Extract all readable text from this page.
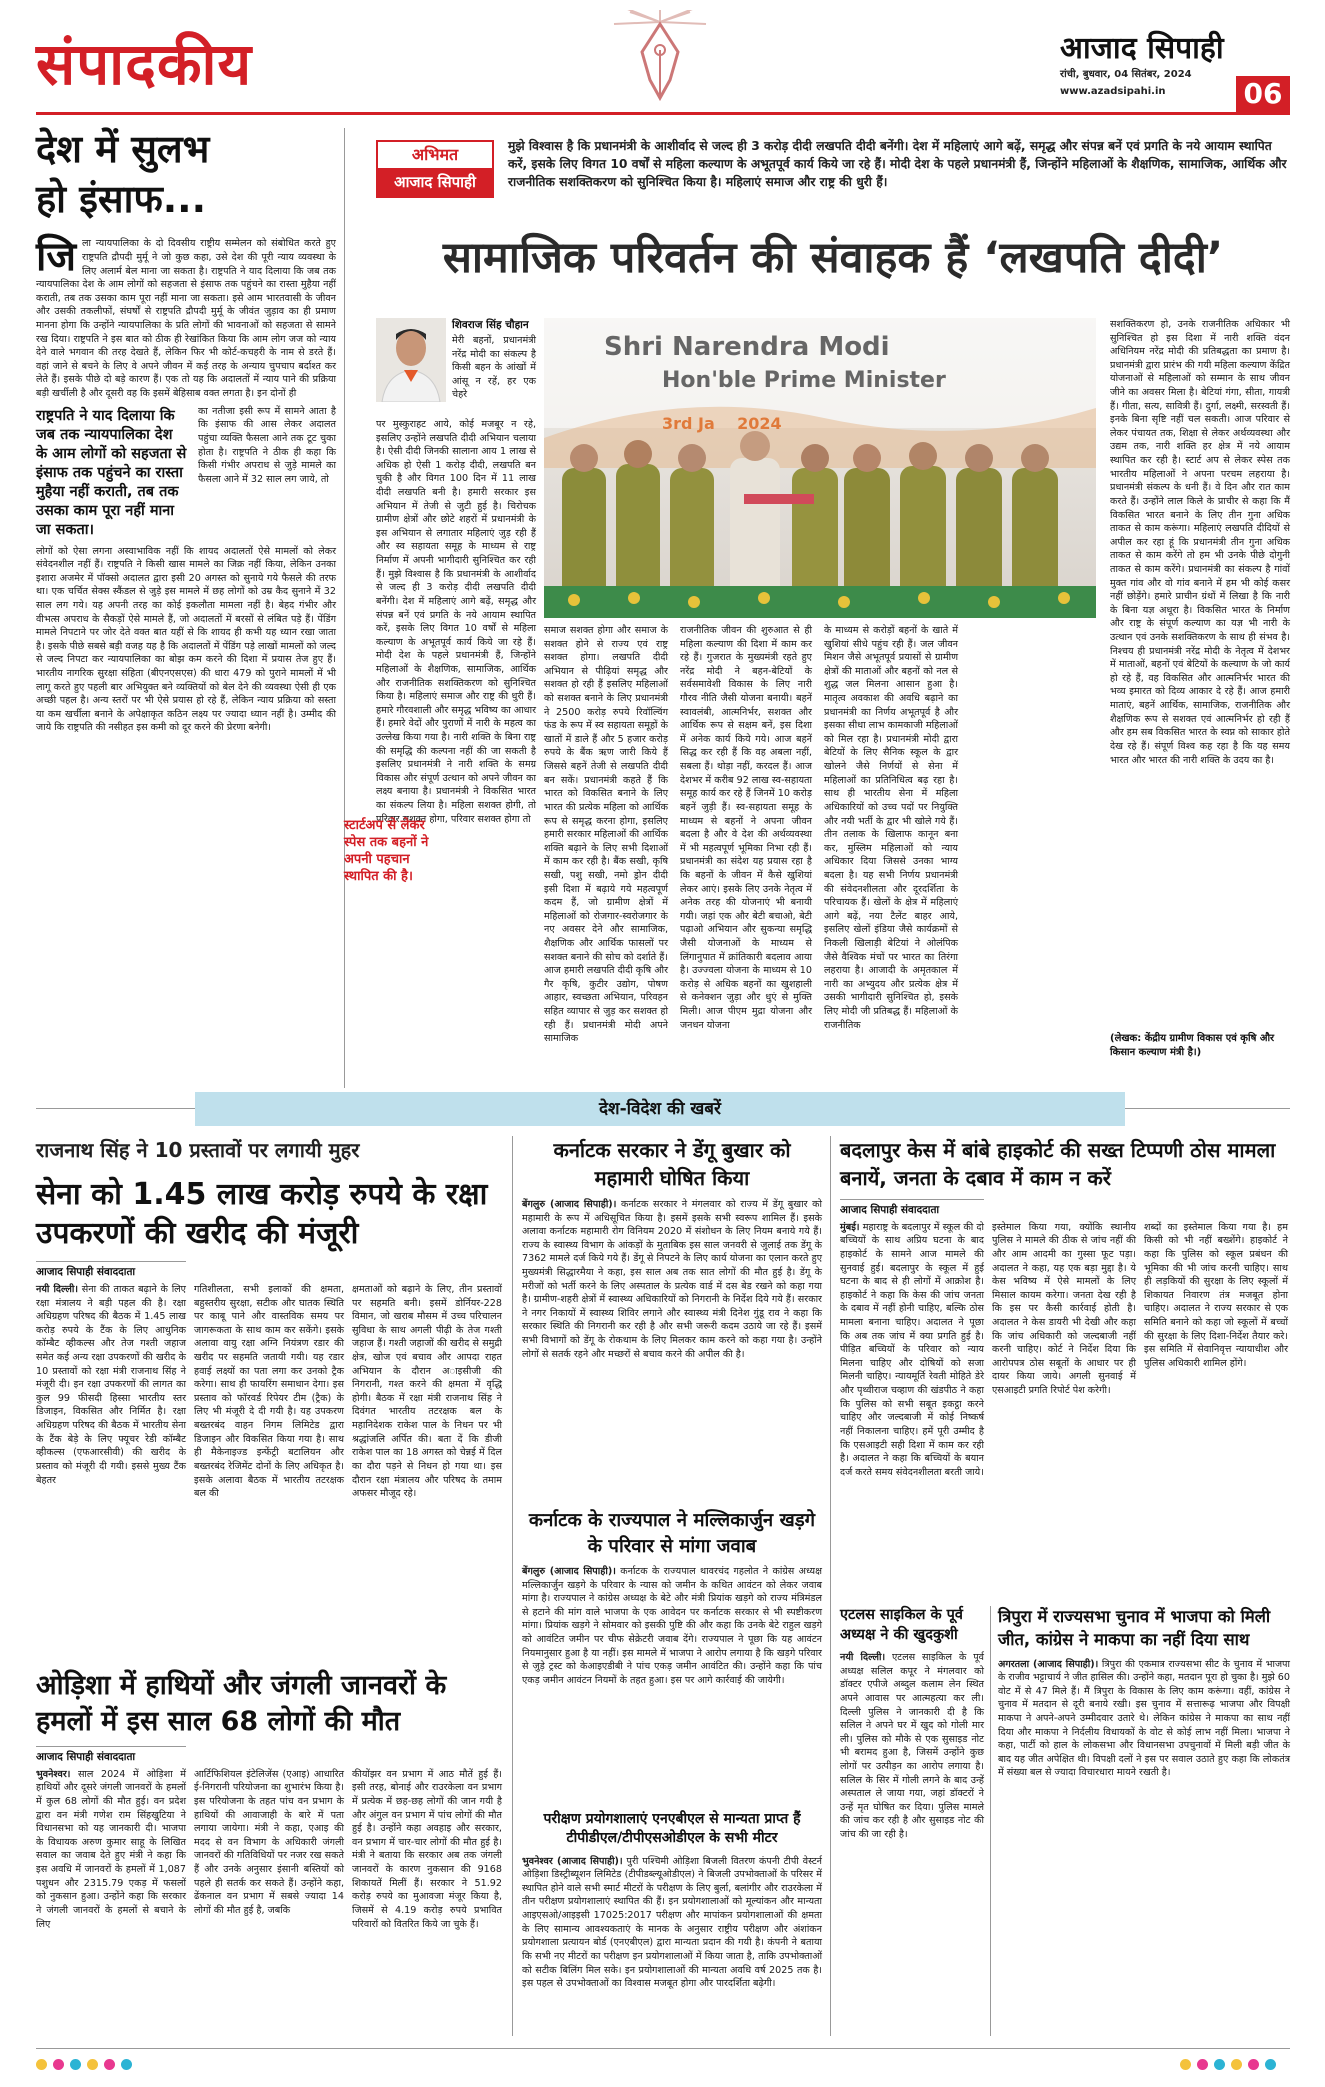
संपादकीय	आजाद सिपाही
रांची, बुधवार, 04 सितंबर, 2024
www.azadsipahi.in	06
देश में सुलभ
हो इंसाफ...
जि ला न्यायपालिका के दो दिवसीय राष्ट्रीय सम्मेलन को संबोधित करते हुए राष्ट्रपति द्रौपदी मुर्मू ने जो कुछ कहा, उसे देश की पूरी न्याय व्यवस्था के लिए अलार्म बेल माना जा सकता है। राष्ट्रपति ने याद दिलाया कि जब तक न्यायपालिका देश के आम लोगों को सहजता से इंसाफ तक पहुंचने का रास्ता मुहैया नहीं कराती, तब तक उसका काम पूरा नहीं माना जा सकता। इसे आम भारतवासी के जीवन और उसकी तकलीफों, संघर्षों से राष्ट्रपति द्रौपदी मुर्मू के जीवंत जुड़ाव का ही प्रमाण मानना होगा कि उन्होंने न्यायपालिका के प्रति लोगों की भावनाओं को सहजता से सामने रख दिया। राष्ट्रपति ने इस बात को ठीक ही रेखांकित किया कि आम लोग जज को न्याय देने वाले भगवान की तरह देखते हैं, लेकिन फिर भी कोर्ट-कचहरी के नाम से डरते हैं। वहां जाने से बचने के लिए वे अपने जीवन में कई तरह के अन्याय चुपचाप बर्दाश्त कर लेते हैं। इसके पीछे दो बड़े कारण हैं। एक तो यह कि अदालतों में न्याय पाने की प्रक्रिया बड़ी खर्चीली है और दूसरी वह कि इसमें बेहिसाब वक्त लगता है। इन दोनों ही

राष्ट्रपति ने याद दिलाया कि जब तक न्यायपालिका देश के आम लोगों को सहजता से इंसाफ तक पहुंचने का रास्ता मुहैया नहीं कराती, तब तक उसका काम पूरा नहीं माना जा सकता।

का नतीजा इसी रूप में सामने आता है कि इंसाफ की आस लेकर अदालत पहुंचा व्यक्ति फैसला आने तक टूट चुका होता है। राष्ट्रपति ने ठीक ही कहा कि किसी गंभीर अपराध से जुड़े मामले का फैसला आने में 32 साल लग जाये, तो

लोगों को ऐसा लगना अस्वाभाविक नहीं कि शायद अदालतों ऐसे मामलों को लेकर संवेदनशील नहीं हैं। राष्ट्रपति ने किसी खास मामले का जिक्र नहीं किया, लेकिन उनका इशारा अजमेर में पॉक्सो अदालत द्वारा इसी 20 अगस्त को सुनाये गये फैसले की तरफ था। एक चर्चित सेक्स स्कैंडल से जुड़े इस मामले में छह लोगों को उम्र कैद सुनाने में 32 साल लग गये। यह अपनी तरह का कोई इकलौता मामला नहीं है। बेहद गंभीर और वीभत्स अपराध के सैकड़ों ऐसे मामले हैं, जो अदालतों में बरसों से लंबित पड़े हैं। पेंडिंग मामले निपटाने पर जोर देते वक्त बात यहीं से कि शायद ही कभी यह ध्यान रखा जाता है। इसके पीछे सबसे बड़ी वजह यह है कि अदालतों में पेंडिंग पड़े लाखों मामलों को जल्द से जल्द निपटा कर न्यायपालिका का बोझ कम करने की दिशा में प्रयास तेज हुए हैं। भारतीय नागरिक सुरक्षा संहिता (बीएनएसएस) की धारा 479 को पुराने मामलों में भी लागू करते हुए पहली बार अभियुक्त बने व्यक्तियों को बेल देने की व्यवस्था ऐसी ही एक अच्छी पहल है। अन्य स्तरों पर भी ऐसे प्रयास हो रहे हैं, लेकिन न्याय प्रक्रिया को सस्ता या कम खर्चीला बनाने के अपेक्षाकृत कठिन लक्ष्य पर ज्यादा ध्यान नहीं है। उम्मीद की जाये कि राष्ट्रपति की नसीहत इस कमी को दूर करने की प्रेरणा बनेगी।

अभिमत
आजाद सिपाही
मुझे विश्वास है कि प्रधानमंत्री के आशीर्वाद से जल्द ही 3 करोड़ दीदी लखपति दीदी बनेंगी। देश में महिलाएं आगे बढ़ें, समृद्ध और संपन्न बनें एवं प्रगति के नये आयाम स्थापित करें, इसके लिए विगत 10 वर्षों से महिला कल्याण के अभूतपूर्व कार्य किये जा रहे हैं। मोदी देश के पहले प्रधानमंत्री हैं, जिन्होंने महिलाओं के शैक्षणिक, सामाजिक, आर्थिक और राजनीतिक सशक्तिकरण को सुनिश्चित किया है। महिलाएं समाज और राष्ट्र की धुरी हैं।
सामाजिक परिवर्तन की संवाहक हैं ‘लखपति दीदी’
शिवराज सिंह चौहान

मेरी बहनों, प्रधानमंत्री नरेंद्र मोदी का संकल्प है किसी बहन के आंखों में आंसू न रहें, हर एक चेहरे

पर मुस्कुराहट आये, कोई मजबूर न रहे, इसलिए उन्होंने लखपति दीदी अभियान चलाया है। ऐसी दीदी जिनकी सालाना आय 1 लाख से अधिक हो ऐसी 1 करोड़ दीदी, लखपति बन चुकी है और विगत 100 दिन में 11 लाख दीदी लखपति बनी है। हमारी सरकार इस अभियान में तेजी से जुटी हुई है। चिरोचक ग्रामीण क्षेत्रों और छोटे शहरों में प्रधानमंत्री के इस अभियान से लगातार महिलाएं जुड़ रही हैं और स्व सहायता समूह के माध्यम से राष्ट्र निर्माण में अपनी भागीदारी सुनिश्चित कर रही हैं। मुझे विश्वास है कि प्रधानमंत्री के आशीर्वाद से जल्द ही 3 करोड़ दीदी लखपति दीदी बनेंगी। देश में महिलाएं आगे बढ़ें, समृद्ध और संपन्न बनें एवं प्रगति के नये आयाम स्थापित करें, इसके लिए विगत 10 वर्षों से महिला कल्याण के अभूतपूर्व कार्य किये जा रहे हैं। मोदी देश के पहले प्रधानमंत्री हैं, जिन्होंने महिलाओं के शैक्षणिक, सामाजिक, आर्थिक और राजनीतिक सशक्तिकरण को सुनिश्चित किया है। महिलाएं समाज और राष्ट्र की धुरी हैं। हमारे गौरवशाली और समृद्ध भविष्य का आधार हैं। हमारे वेदों और पुराणों में नारी के महत्व का उल्लेख किया गया है। नारी शक्ति के बिना राष्ट्र की समृद्धि की कल्पना नहीं की जा सकती है इसलिए प्रधानमंत्री ने नारी शक्ति के समग्र विकास और संपूर्ण उत्थान को अपने जीवन का लक्ष्य बनाया है। प्रधानमंत्री ने विकसित भारत का संकल्प लिया है। महिला सशक्त होगी, तो परिवार सशक्त होगा, परिवार सशक्त होगा तो

स्टार्टअप से लेकर स्पेस तक बहनों ने अपनी पहचान स्थापित की है।
Shri Narendra Modi
Hon'ble Prime Minister
3rd Ja    2024

समाज सशक्त होगा और समाज के सशक्त होने से राज्य एवं राष्ट्र सशक्त होगा। लखपति दीदी अभियान से पीढ़ियां समृद्ध और सशक्त हो रही हैं इसलिए महिलाओं को सशक्त बनाने के लिए प्रधानमंत्री ने 2500 करोड़ रुपये रिवॉल्विंग फंड के रूप में स्व सहायता समूहों के खातों में डाले हैं और 5 हजार करोड़ रुपये के बैंक ऋण जारी किये हैं जिससे बहनें तेजी से लखपति दीदी बन सकें। प्रधानमंत्री कहते हैं कि भारत को विकसित बनाने के लिए भारत की प्रत्येक महिला को आर्थिक रूप से समृद्ध करना होगा, इसलिए हमारी सरकार महिलाओं की आर्थिक शक्ति बढ़ाने के लिए सभी दिशाओं में काम कर रही है। बैंक सखी, कृषि सखी, पशु सखी, नमो ड्रोन दीदी इसी दिशा में बढ़ाये गये महत्वपूर्ण कदम हैं, जो ग्रामीण क्षेत्रों में महिलाओं को रोजगार-स्वरोजगार के नए अवसर देने और सामाजिक, शैक्षणिक और आर्थिक फासलों पर सशक्त बनाने की सोच को दर्शाते हैं। आज हमारी लखपति दीदी कृषि और गैर कृषि, कुटीर उद्योग, पोषण आहार, स्वच्छता अभियान, परिवहन सहित व्यापार से जुड़ कर सशक्त हो रही हैं। प्रधानमंत्री मोदी अपने सामाजिक

राजनीतिक जीवन की शुरुआत से ही महिला कल्याण की दिशा में काम कर रहे हैं। गुजरात के मुख्यमंत्री रहते हुए नरेंद्र मोदी ने बहन-बेटियों के सर्वसमावेशी विकास के लिए नारी गौरव नीति जैसी योजना बनायी। बहनें स्वावलंबी, आत्मनिर्भर, सशक्त और आर्थिक रूप से सक्षम बनें, इस दिशा में अनेक कार्य किये गये। आज बहनें सिद्ध कर रही हैं कि वह अबला नहीं, सबला हैं। थोड़ा नहीं, करदल हैं। आज देशभर में करीब 92 लाख स्व-सहायता समूह कार्य कर रहे हैं जिनमें 10 करोड़ बहनें जुड़ी हैं। स्व-सहायता समूह के माध्यम से बहनों ने अपना जीवन बदला है और वे देश की अर्थव्यवस्था में भी महत्वपूर्ण भूमिका निभा रही हैं। प्रधानमंत्री का संदेश यह प्रयास रहा है कि बहनों के जीवन में कैसे खुशियां लेकर आएं। इसके लिए उनके नेतृत्व में अनेक तरह की योजनाएं भी बनायी गयी। जहां एक और बेटी बचाओ, बेटी पढ़ाओ अभियान और सुकन्या समृद्धि जैसी योजनाओं के माध्यम से लिंगानुपात में क्रांतिकारी बदलाव आया है। उज्ज्वला योजना के माध्यम से 10 करोड़ से अधिक बहनों का खुशहाली से कनेक्शन जुड़ा और धुएं से मुक्ति मिली। आज पीएम मुद्रा योजना और जनधन योजना

के माध्यम से करोड़ों बहनों के खाते में खुशियां सीधे पहुंच रही हैं। जल जीवन मिशन जैसे अभूतपूर्व प्रयासों से ग्रामीण क्षेत्रों की माताओं और बहनों को नल से शुद्ध जल मिलना आसान हुआ है। मातृत्व अवकाश की अवधि बढ़ाने का प्रधानमंत्री का निर्णय अभूतपूर्व है और इसका सीधा लाभ कामकाजी महिलाओं को मिल रहा है। प्रधानमंत्री मोदी द्वारा बेटियों के लिए सैनिक स्कूल के द्वार खोलने जैसे निर्णयों से सेना में महिलाओं का प्रतिनिधित्व बढ़ रहा है। साथ ही भारतीय सेना में महिला अधिकारियों को उच्च पदों पर नियुक्ति और नयी भर्ती के द्वार भी खोले गये हैं। तीन तलाक के खिलाफ कानून बना कर, मुस्लिम महिलाओं को न्याय अधिकार दिया जिससे उनका भाग्य बदला है। यह सभी निर्णय प्रधानमंत्री की संवेदनशीलता और दूरदर्शिता के परिचायक हैं। खेलों के क्षेत्र में महिलाएं आगे बढ़ें, नया टैलेंट बाहर आये, इसलिए खेलों इंडिया जैसे कार्यक्रमों से निकली खिलाड़ी बेटियां ने ओलंपिक जैसे वैश्विक मंचों पर भारत का तिरंगा लहराया है। आजादी के अमृतकाल में नारी का अभ्युदय और प्रत्येक क्षेत्र में उसकी भागीदारी सुनिश्चित हो, इसके लिए मोदी जी प्रतिबद्ध हैं। महिलाओं के राजनीतिक

सशक्तिकरण हो, उनके राजनीतिक अधिकार भी सुनिश्चित हो इस दिशा में नारी शक्ति वंदन अधिनियम नरेंद्र मोदी की प्रतिबद्धता का प्रमाण है। प्रधानमंत्री द्वारा प्रारंभ की गयी महिला कल्याण केंद्रित योजनाओं से महिलाओं को सम्मान के साथ जीवन जीने का अवसर मिला है। बेटियां गंगा, सीता, गायत्री हैं। गीता, सत्य, सावित्री हैं। दुर्गा, लक्ष्मी, सरस्वती हैं। इनके बिना सृष्टि नहीं चल सकती। आज परिवार से लेकर पंचायत तक, शिक्षा से लेकर अर्थव्यवस्था और उद्यम तक, नारी शक्ति हर क्षेत्र में नये आयाम स्थापित कर रही है। स्टार्ट अप से लेकर स्पेस तक भारतीय महिलाओं ने अपना परचम लहराया है। प्रधानमंत्री संकल्प के धनी हैं। वे दिन और रात काम करते हैं। उन्होंने लाल किले के प्राचीर से कहा कि मैं विकसित भारत बनाने के लिए तीन गुना अधिक ताकत से काम करूंगा। महिलाएं लखपति दीदियों से अपील कर रहा हूं कि प्रधानमंत्री तीन गुना अधिक ताकत से काम करेंगे तो हम भी उनके पीछे दोगुनी ताकत से काम करेंगे। प्रधानमंत्री का संकल्प है गांवों मुक्त गांव और वो गांव बनाने में हम भी कोई कसर नहीं छोड़ेंगे। हमारे प्राचीन ग्रंथों में लिखा है कि नारी के बिना यज्ञ अधूरा है। विकसित भारत के निर्माण और राष्ट्र के संपूर्ण कल्याण का यज्ञ भी नारी के उत्थान एवं उनके सशक्तिकरण के साथ ही संभव है। निश्चय ही प्रधानमंत्री नरेंद्र मोदी के नेतृत्व में देशभर में माताओं, बहनों एवं बेटियों के कल्याण के जो कार्य हो रहे हैं, वह विकसित और आत्मनिर्भर भारत की भव्य इमारत को दिव्य आकार दे रहे हैं। आज हमारी माताएं, बहनें आर्थिक, सामाजिक, राजनीतिक और शैक्षणिक रूप से सशक्त एवं आत्मनिर्भर हो रही हैं और हम सब विकसित भारत के स्वप्न को साकार होते देख रहे हैं। संपूर्ण विश्व कह रहा है कि यह समय भारत और भारत की नारी शक्ति के उदय का है।

(लेखक: केंद्रीय ग्रामीण विकास एवं कृषि और किसान कल्याण मंत्री है।)
देश-विदेश की खबरें
राजनाथ सिंह ने 10 प्रस्तावों पर लगायी मुहर
सेना को 1.45 लाख करोड़ रुपये के रक्षा उपकरणों की खरीद की मंजूरी
आजाद सिपाही संवाददाता

नयी दिल्ली। सेना की ताकत बढ़ाने के लिए रक्षा मंत्रालय ने बड़ी पहल की है। रक्षा अधिग्रहण परिषद की बैठक में 1.45 लाख करोड़ रुपये के टैंक के लिए आधुनिक कॉम्बैट व्हीकल्स और तेज गश्ती जहाज समेत कई अन्य रक्षा उपकरणों की खरीद के 10 प्रस्तावों को रक्षा मंत्री राजनाथ सिंह ने मंजूरी दी। इन रक्षा उपकरणों की लागत का कुल 99 फीसदी हिस्सा भारतीय स्तर डिजाइन, विकसित और निर्मित है। रक्षा अधिग्रहण परिषद की बैठक में भारतीय सेना के टैंक बेड़े के लिए फ्यूचर रेडी कॉम्बैट व्हीकल्स (एफआरसीवी) की खरीद के प्रस्ताव को मंजूरी दी गयी। इससे मुख्य टैंक बेहतर

गतिशीलता, सभी इलाकों की क्षमता, बहुस्तरीय सुरक्षा, सटीक और घातक स्थिति पर काबू पाने और वास्तविक समय पर जागरूकता के साथ काम कर सकेंगे। इसके अलावा वायु रक्षा अग्नि नियंत्रण रडार की खरीद पर सहमति जतायी गयी। यह रडार हवाई लक्ष्यों का पता लगा कर उनको ट्रैक करेगा। साथ ही फायरिंग समाधान देगा। इस प्रस्ताव को फॉरवर्ड रिपेयर टीम (ट्रैक) के लिए भी मंजूरी दे दी गयी है। यह उपकरण बख्तरबंद वाहन निगम लिमिटेड द्वारा डिजाइन और विकसित किया गया है। साथ ही मैकेनाइज्ड इन्फेंट्री बटालियन और बख्तरबंद रेजिमेंट दोनों के लिए अधिकृत है। इसके अलावा बैठक में भारतीय तटरक्षक बल की

क्षमताओं को बढ़ाने के लिए, तीन प्रस्तावों पर सहमति बनी। इसमें डोर्नियर-228 विमान, जो खराब मौसम में उच्च परिचालन सुविधा के साथ अगली पीढ़ी के तेज गश्ती जहाज हैं। गश्ती जहाजों की खरीद से समुद्री क्षेत्र, खोज एवं बचाव और आपदा राहत अभियान के दौरान अाइसीजी की निगरानी, गश्त करने की क्षमता में वृद्धि होगी। बैठक में रक्षा मंत्री राजनाथ सिंह ने दिवंगत भारतीय तटरक्षक बल के महानिदेशक राकेश पाल के निधन पर भी श्रद्धांजलि अर्पित की। बता दें कि डीजी राकेश पाल का 18 अगस्त को चेन्नई में दिल का दौरा पड़ने से निधन हो गया था। इस दौरान रक्षा मंत्रालय और परिषद के तमाम अफसर मौजूद रहे।

ओड़िशा में हाथियों और जंगली जानवरों के हमलों में इस साल 68 लोगों की मौत
आजाद सिपाही संवाददाता

भुवनेश्वर। साल 2024 में ओड़िशा में हाथियों और दूसरे जंगली जानवरों के हमलों में कुल 68 लोगों की मौत हुई। वन प्रदेश द्वारा वन मंत्री गणेश राम सिंहखुटिया ने विधानसभा को यह जानकारी दी। भाजपा के विधायक अरुण कुमार साहू के लिखित सवाल का जवाब देते हुए मंत्री ने कहा कि इस अवधि में जानवरों के हमलों में 1,087 पशुधन और 2315.79 एकड़ में फसलों को नुकसान हुआ। उन्होंने कहा कि सरकार ने जंगली जानवरों के हमलों से बचाने के लिए

आर्टिफिशियल इंटेलिजेंस (एआइ) आधारित ई-निगरानी परियोजना का शुभारंभ किया है। इस परियोजना के तहत पांच वन प्रभाग के हाथियों की आवाजाही के बारे में पता लगाया जायेगा। मंत्री ने कहा, एआइ की मदद से वन विभाग के अधिकारी जंगली जानवरों की गतिविधियों पर नजर रख सकते हैं और उनके अनुसार इंसानी बस्तियों को पहले ही सतर्क कर सकते हैं। उन्होंने कहा, ढेंकनाल वन प्रभाग में सबसे ज्यादा 14 लोगों की मौत हुई है, जबकि

कीयोंझर वन प्रभाग में आठ मौतें हुई हैं। इसी तरह, बोनाई और राउरकेला वन प्रभाग में प्रत्येक में छह-छह लोगों की जान गयी है और अंगुल वन प्रभाग में पांच लोगों की मौत हुई है। उन्होंने कहा अवहाइ और सरकार, वन प्रभाग में चार-चार लोगों की मौत हुई है। मंत्री ने बताया कि सरकार अब तक जंगली जानवरों के कारण नुकसान की 9168 शिकायतें मिलीं हैं। सरकार ने 51.92 करोड़ रुपये का मुआवजा मंजूर किया है, जिसमें से 4.19 करोड़ रुपये प्रभावित परिवारों को वितरित किये जा चुके हैं।

कर्नाटक सरकार ने डेंगू बुखार को महामारी घोषित किया

बेंगलुरु (आजाद सिपाही)। कर्नाटक सरकार ने मंगलवार को राज्य में डेंगू बुखार को महामारी के रूप में अधिसूचित किया है। इसमें इसके सभी स्वरूप शामिल हैं। इसके अलावा कर्नाटक महामारी रोग विनियम 2020 में संशोधन के लिए नियम बनाये गये हैं। राज्य के स्वास्थ्य विभाग के आंकड़ों के मुताबिक इस साल जनवरी से जुलाई तक डेंगू के 7362 मामले दर्ज किये गये हैं। डेंगू से निपटने के लिए कार्य योजना का एलान करते हुए मुख्यमंत्री सिद्धारमैया ने कहा, इस साल अब तक सात लोगों की मौत हुई है। डेंगू के मरीजों को भर्ती करने के लिए अस्पताल के प्रत्येक वार्ड में दस बेड रखने को कहा गया है। ग्रामीण-शहरी क्षेत्रों में स्वास्थ्य अधिकारियों को निगरानी के निर्देश दिये गये हैं। सरकार ने नगर निकायों में स्वास्थ्य शिविर लगाने और स्वास्थ्य मंत्री दिनेश गुंडू राव ने कहा कि सरकार स्थिति की निगरानी कर रही है और सभी जरूरी कदम उठाये जा रहे हैं। इसमें सभी विभागों को डेंगू के रोकथाम के लिए मिलकर काम करने को कहा गया है। उन्होंने लोगों से सतर्क रहने और मच्छरों से बचाव करने की अपील की है।

कर्नाटक के राज्यपाल ने मल्लिकार्जुन खड़गे के परिवार से मांगा जवाब

बेंगलुरु (आजाद सिपाही)। कर्नाटक के राज्यपाल थावरचंद गहलोत ने कांग्रेस अध्यक्ष मल्लिकार्जुन खड़गे के परिवार के न्यास को जमीन के कथित आवंटन को लेकर जवाब मांगा है। राज्यपाल ने कांग्रेस अध्यक्ष के बेटे और मंत्री प्रियांक खड़गे को राज्य मंत्रिमंडल से हटाने की मांग वाले भाजपा के एक आवेदन पर कर्नाटक सरकार से भी स्पष्टीकरण मांगा। प्रियांक खड़गे ने सोमवार को इसकी पुष्टि की और कहा कि उनके बेटे राहुल खड़गे को आवंटित जमीन पर चीफ सेक्रेटरी जवाब देंगे। राज्यपाल ने पूछा कि यह आवंटन नियमानुसार हुआ है या नहीं। इस मामले में भाजपा ने आरोप लगाया है कि खड़गे परिवार से जुड़े ट्रस्ट को केआइएडीबी ने पांच एकड़ जमीन आवंटित की। उन्होंने कहा कि पांच एकड़ जमीन आवंटन नियमों के तहत हुआ। इस पर आगे कार्रवाई की जायेगी।

परीक्षण प्रयोगशालाएं एनएबीएल से मान्यता प्राप्त हैं टीपीडीएल/टीपीएसओडीएल के सभी मीटर

भुवनेश्वर (आजाद सिपाही)। पुरी पश्चिमी ओड़िशा बिजली वितरण कंपनी टीपी वेस्टर्न ओड़िशा डिस्ट्रीब्यूशन लिमिटेड (टीपीडब्ल्यूओडीएल) ने बिजली उपभोक्ताओं के परिसर में स्थापित होने वाले सभी स्मार्ट मीटरों के परीक्षण के लिए बुर्ला, बलांगीर और राउरकेला में तीन परीक्षण प्रयोगशालाएं स्थापित की हैं। इन प्रयोगशालाओं को मूल्यांकन और मान्यता आइएसओ/आइइसी 17025:2017 परीक्षण और मापांकन प्रयोगशालाओं की क्षमता के लिए सामान्य आवश्यकताएं के मानक के अनुसार राष्ट्रीय परीक्षण और अंशांकन प्रयोगशाला प्रत्यायन बोर्ड (एनएबीएल) द्वारा मान्यता प्रदान की गयी है। कंपनी ने बताया कि सभी नए मीटरों का परीक्षण इन प्रयोगशालाओं में किया जाता है, ताकि उपभोक्ताओं को सटीक बिलिंग मिल सके। इन प्रयोगशालाओं की मान्यता अवधि वर्ष 2025 तक है। इस पहल से उपभोक्ताओं का विश्वास मजबूत होगा और पारदर्शिता बढ़ेगी।

बदलापुर केस में बांबे हाइकोर्ट की सख्त टिप्पणी ठोस मामला बनायें, जनता के दबाव में काम न करें
आजाद सिपाही संवाददाता

मुंबई। महाराष्ट्र के बदलापुर में स्कूल की दो बच्चियों के साथ अप्रिय घटना के बाद हाइकोर्ट के सामने आज मामले की सुनवाई हुई। बदलापुर के स्कूल में हुई घटना के बाद से ही लोगों में आक्रोश है। हाइकोर्ट ने कहा कि केस की जांच जनता के दबाव में नहीं होनी चाहिए, बल्कि ठोस मामला बनाना चाहिए। अदालत ने पूछा कि अब तक जांच में क्या प्रगति हुई है। पीड़ित बच्चियों के परिवार को न्याय मिलना चाहिए और दोषियों को सजा मिलनी चाहिए। न्यायमूर्ति रेवती मोहिते डेरे और पृथ्वीराज चव्हाण की खंडपीठ ने कहा कि पुलिस को सभी सबूत इकट्ठा करने चाहिए और जल्दबाजी में कोई निष्कर्ष नहीं निकालना चाहिए। हमें पूरी उम्मीद है कि एसआइटी सही दिशा में काम कर रही है। अदालत ने कहा कि बच्चियों के बयान दर्ज करते समय संवेदनशीलता बरती जाये।

इस्तेमाल किया गया, क्योंकि स्थानीय पुलिस ने मामले की ठीक से जांच नहीं की और आम आदमी का गुस्सा फूट पड़ा। अदालत ने कहा, यह एक बड़ा मुद्दा है। ये केस भविष्य में ऐसे मामलों के लिए मिसाल कायम करेगा। जनता देख रही है कि इस पर कैसी कार्रवाई होती है। अदालत ने केस डायरी भी देखी और कहा कि जांच अधिकारी को जल्दबाजी नहीं करनी चाहिए। कोर्ट ने निर्देश दिया कि आरोपपत्र ठोस सबूतों के आधार पर ही दायर किया जाये। अगली सुनवाई में एसआइटी प्रगति रिपोर्ट पेश करेगी।

शब्दों का इस्तेमाल किया गया है। हम किसी को भी नहीं बख्शेंगे। हाइकोर्ट ने कहा कि पुलिस को स्कूल प्रबंधन की भूमिका की भी जांच करनी चाहिए। साथ ही लड़कियों की सुरक्षा के लिए स्कूलों में शिकायत निवारण तंत्र मजबूत होना चाहिए। अदालत ने राज्य सरकार से एक समिति बनाने को कहा जो स्कूलों में बच्चों की सुरक्षा के लिए दिशा-निर्देश तैयार करे। इस समिति में सेवानिवृत्त न्यायाधीश और पुलिस अधिकारी शामिल होंगे।

एटलस साइकिल के पूर्व अध्यक्ष ने की खुदकुशी

नयी दिल्ली। एटलस साइकिल के पूर्व अध्यक्ष सलिल कपूर ने मंगलवार को डॉक्टर एपीजे अब्दुल कलाम लेन स्थित अपने आवास पर आत्महत्या कर ली। दिल्ली पुलिस ने जानकारी दी है कि सलिल ने अपने घर में खुद को गोली मार ली। पुलिस को मौके से एक सुसाइड नोट भी बरामद हुआ है, जिसमें उन्होंने कुछ लोगों पर उत्पीड़न का आरोप लगाया है। सलिल के सिर में गोली लगने के बाद उन्हें अस्पताल ले जाया गया, जहां डॉक्टरों ने उन्हें मृत घोषित कर दिया। पुलिस मामले की जांच कर रही है और सुसाइड नोट की जांच की जा रही है।

त्रिपुरा में राज्यसभा चुनाव में भाजपा को मिली जीत, कांग्रेस ने माकपा का नहीं दिया साथ

अगरतला (आजाद सिपाही)। त्रिपुरा की एकमात्र राज्यसभा सीट के चुनाव में भाजपा के राजीव भट्टाचार्य ने जीत हासिल की। उन्होंने कहा, मतदान पूरा हो चुका है। मुझे 60 वोट में से 47 मिले हैं। मैं त्रिपुरा के विकास के लिए काम करूंगा। वहीं, कांग्रेस ने चुनाव में मतदान से दूरी बनाये रखी। इस चुनाव में सत्तारूढ़ भाजपा और विपक्षी माकपा ने अपने-अपने उम्मीदवार उतारे थे। लेकिन कांग्रेस ने माकपा का साथ नहीं दिया और माकपा ने निर्दलीय विधायकों के वोट से कोई लाभ नहीं मिला। भाजपा ने कहा, पार्टी को हाल के लोकसभा और विधानसभा उपचुनावों में मिली बड़ी जीत के बाद यह जीत अपेक्षित थी। विपक्षी दलों ने इस पर सवाल उठाते हुए कहा कि लोकतंत्र में संख्या बल से ज्यादा विचारधारा मायने रखती है।
